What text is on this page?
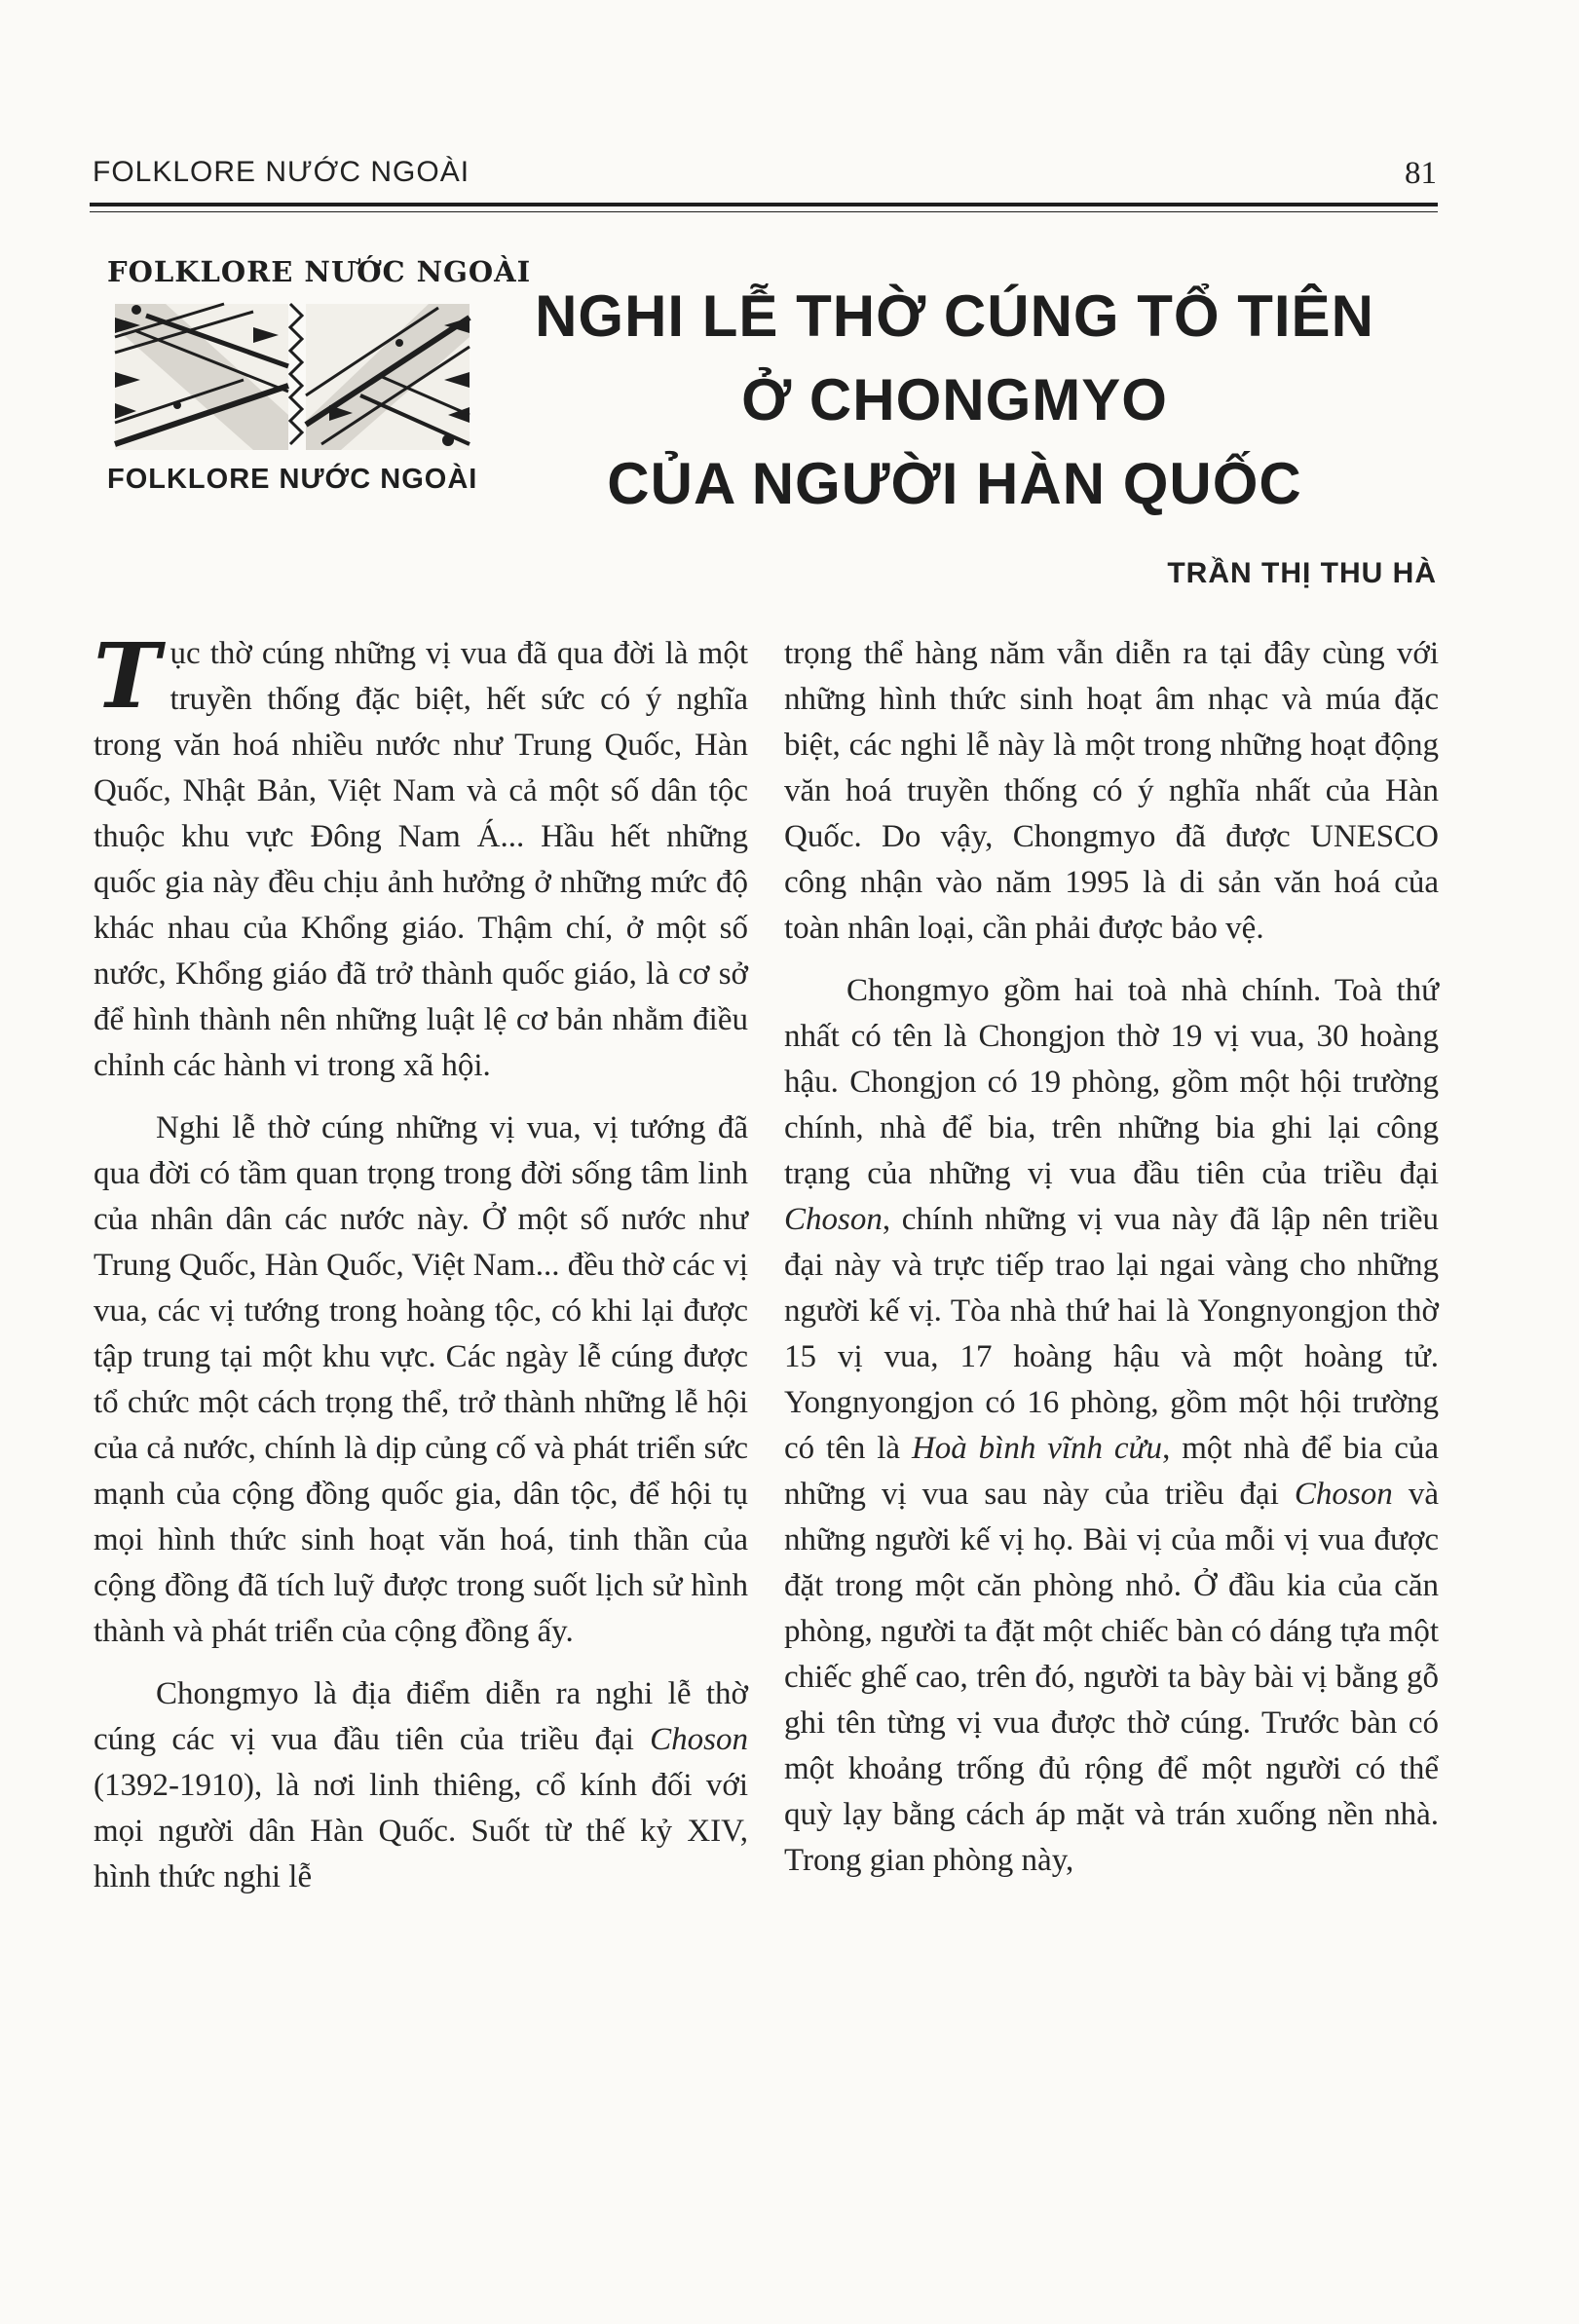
FOLKLORE NƯỚC NGOÀI	81
FOLKLORE NƯỚC NGOÀI
FOLKLORE NƯỚC NGOÀI
NGHI LỄ THỜ CÚNG TỔ TIÊN
Ở CHONGMYO
CỦA NGƯỜI HÀN QUỐC
TRẦN THỊ THU HÀ

Tục thờ cúng những vị vua đã qua đời là một truyền thống đặc biệt, hết sức có ý nghĩa trong văn hoá nhiều nước như Trung Quốc, Hàn Quốc, Nhật Bản, Việt Nam và cả một số dân tộc thuộc khu vực Đông Nam Á... Hầu hết những quốc gia này đều chịu ảnh hưởng ở những mức độ khác nhau của Khổng giáo. Thậm chí, ở một số nước, Khổng giáo đã trở thành quốc giáo, là cơ sở để hình thành nên những luật lệ cơ bản nhằm điều chỉnh các hành vi trong xã hội.

Nghi lễ thờ cúng những vị vua, vị tướng đã qua đời có tầm quan trọng trong đời sống tâm linh của nhân dân các nước này. Ở một số nước như Trung Quốc, Hàn Quốc, Việt Nam... đều thờ các vị vua, các vị tướng trong hoàng tộc, có khi lại được tập trung tại một khu vực. Các ngày lễ cúng được tổ chức một cách trọng thể, trở thành những lễ hội của cả nước, chính là dịp củng cố và phát triển sức mạnh của cộng đồng quốc gia, dân tộc, để hội tụ mọi hình thức sinh hoạt văn hoá, tinh thần của cộng đồng đã tích luỹ được trong suốt lịch sử hình thành và phát triển của cộng đồng ấy.

Chongmyo là địa điểm diễn ra nghi lễ thờ cúng các vị vua đầu tiên của triều đại Choson (1392-1910), là nơi linh thiêng, cổ kính đối với mọi người dân Hàn Quốc. Suốt từ thế kỷ XIV, hình thức nghi lễ

trọng thể hàng năm vẫn diễn ra tại đây cùng với những hình thức sinh hoạt âm nhạc và múa đặc biệt, các nghi lễ này là một trong những hoạt động văn hoá truyền thống có ý nghĩa nhất của Hàn Quốc. Do vậy, Chongmyo đã được UNESCO công nhận vào năm 1995 là di sản văn hoá của toàn nhân loại, cần phải được bảo vệ.

Chongmyo gồm hai toà nhà chính. Toà thứ nhất có tên là Chongjon thờ 19 vị vua, 30 hoàng hậu. Chongjon có 19 phòng, gồm một hội trường chính, nhà để bia, trên những bia ghi lại công trạng của những vị vua đầu tiên của triều đại Choson, chính những vị vua này đã lập nên triều đại này và trực tiếp trao lại ngai vàng cho những người kế vị. Tòa nhà thứ hai là Yongnyongjon thờ 15 vị vua, 17 hoàng hậu và một hoàng tử. Yongnyongjon có 16 phòng, gồm một hội trường có tên là Hoà bình vĩnh cửu, một nhà để bia của những vị vua sau này của triều đại Choson và những người kế vị họ. Bài vị của mỗi vị vua được đặt trong một căn phòng nhỏ. Ở đầu kia của căn phòng, người ta đặt một chiếc bàn có dáng tựa một chiếc ghế cao, trên đó, người ta bày bài vị bằng gỗ ghi tên từng vị vua được thờ cúng. Trước bàn có một khoảng trống đủ rộng để một người có thể quỳ lạy bằng cách áp mặt và trán xuống nền nhà. Trong gian phòng này,
